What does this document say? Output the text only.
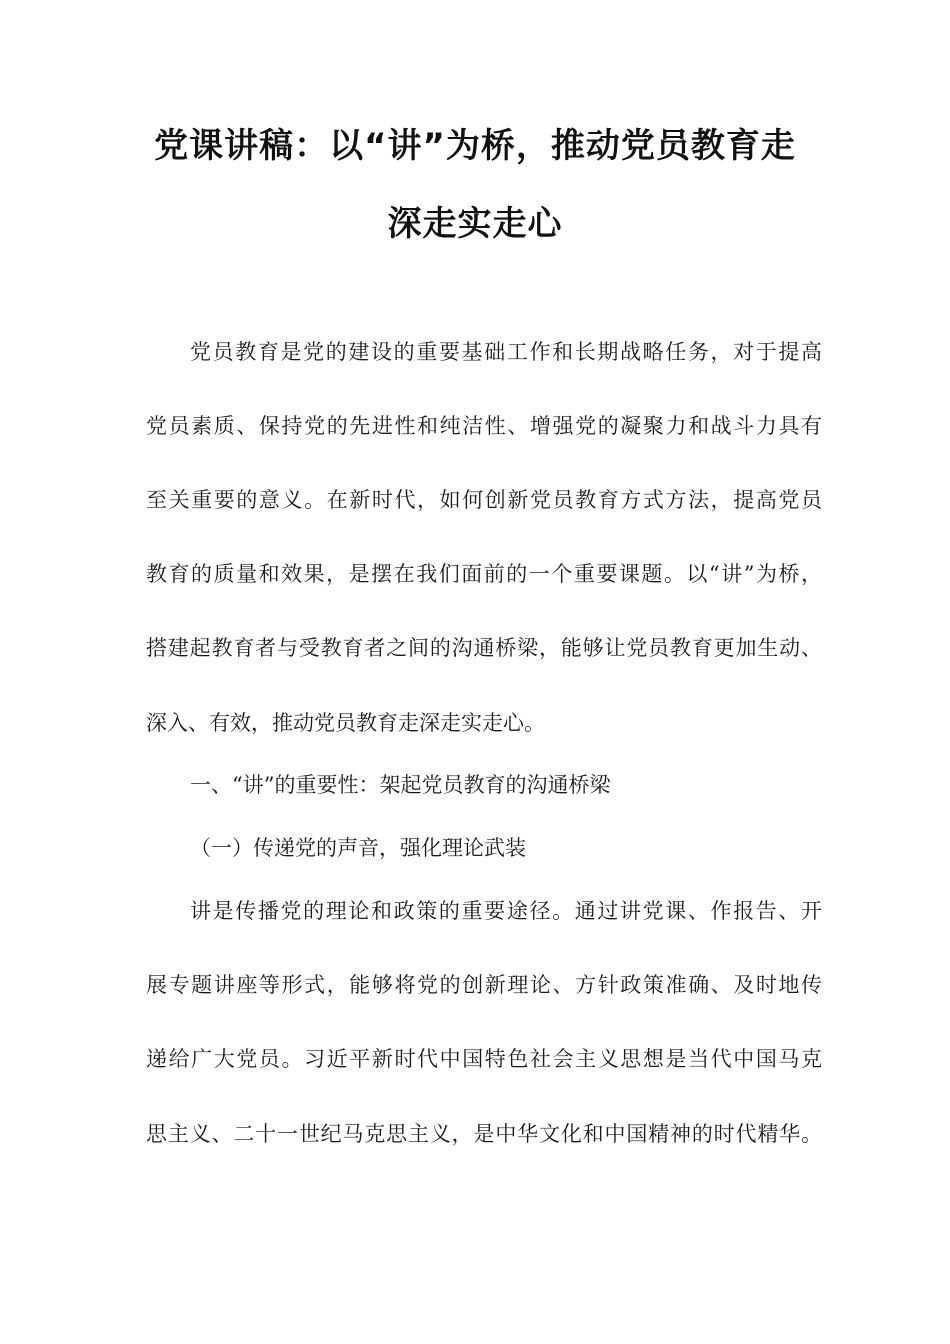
党课讲稿：以“讲”为桥，推动党员教育走
深走实走心
党员教育是党的建设的重要基础工作和长期战略任务，对于提高
党员素质、保持党的先进性和纯洁性、增强党的凝聚力和战斗力具有
至关重要的意义。在新时代，如何创新党员教育方式方法，提高党员
教育的质量和效果，是摆在我们面前的一个重要课题。以“讲”为桥，
搭建起教育者与受教育者之间的沟通桥梁，能够让党员教育更加生动、
深入、有效，推动党员教育走深走实走心。
一、“讲”的重要性：架起党员教育的沟通桥梁
（一）传递党的声音，强化理论武装
讲是传播党的理论和政策的重要途径。通过讲党课、作报告、开
展专题讲座等形式，能够将党的创新理论、方针政策准确、及时地传
递给广大党员。习近平新时代中国特色社会主义思想是当代中国马克
思主义、二十一世纪马克思主义，是中华文化和中国精神的时代精华。
